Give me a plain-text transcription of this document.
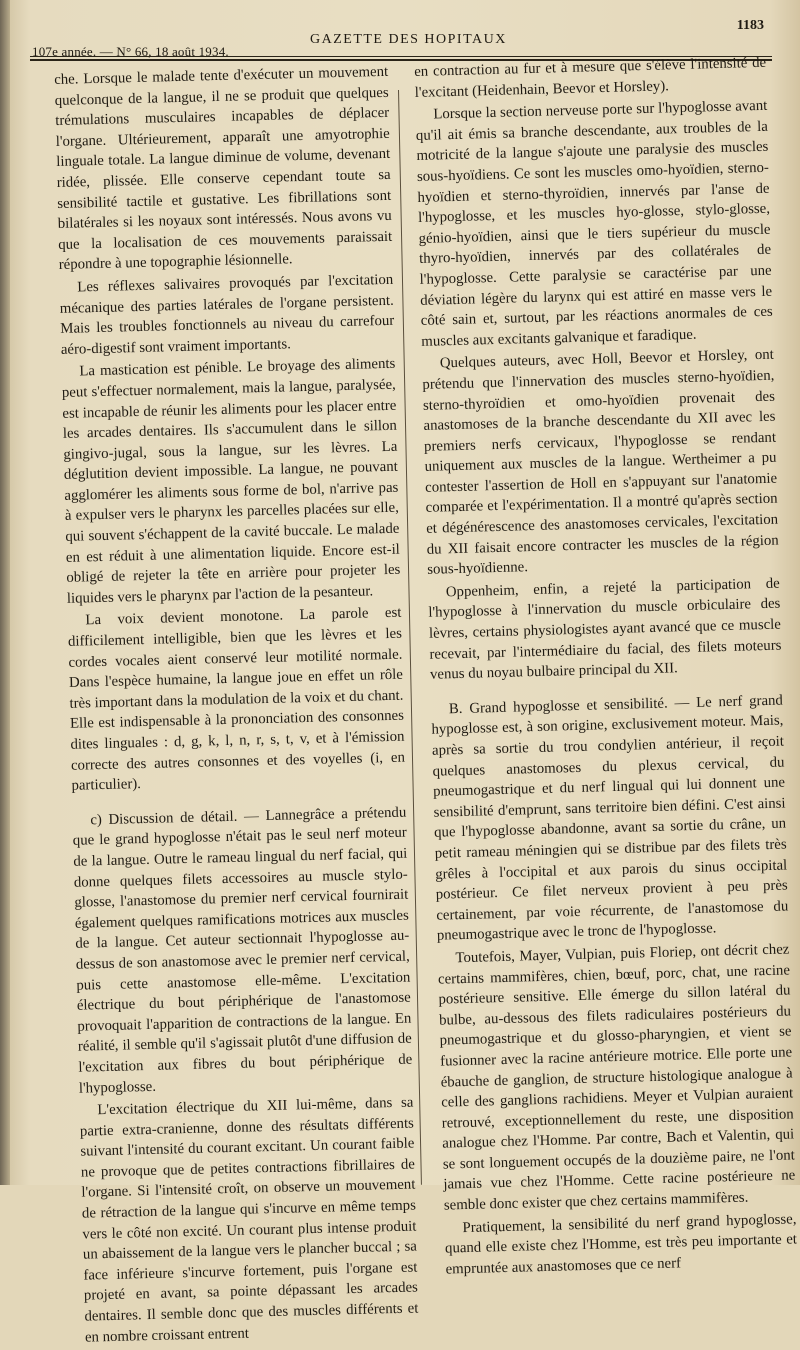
107e année. — N° 66, 18 août 1934.
GAZETTE DES HOPITAUX
1183

che. Lorsque le malade tente d'exécuter un mouvement quelconque de la langue, il ne se produit que quelques trémulations musculaires incapables de déplacer l'organe. Ultérieurement, apparaît une amyotrophie linguale totale. La langue diminue de volume, devenant ridée, plissée. Elle conserve cependant toute sa sensibilité tactile et gustative. Les fibrillations sont bilatérales si les noyaux sont intéressés. Nous avons vu que la localisation de ces mouvements paraissait répondre à une topographie lésionnelle.

Les réflexes salivaires provoqués par l'excitation mécanique des parties latérales de l'organe persistent. Mais les troubles fonctionnels au niveau du carrefour aéro-digestif sont vraiment importants.

La mastication est pénible. Le broyage des aliments peut s'effectuer normalement, mais la langue, paralysée, est incapable de réunir les aliments pour les placer entre les arcades dentaires. Ils s'accumulent dans le sillon gingivo-jugal, sous la langue, sur les lèvres. La déglutition devient impossible. La langue, ne pouvant agglomérer les aliments sous forme de bol, n'arrive pas à expulser vers le pharynx les parcelles placées sur elle, qui souvent s'échappent de la cavité buccale. Le malade en est réduit à une alimentation liquide. Encore est-il obligé de rejeter la tête en arrière pour projeter les liquides vers le pharynx par l'action de la pesanteur.

La voix devient monotone. La parole est difficilement intelligible, bien que les lèvres et les cordes vocales aient conservé leur motilité normale. Dans l'espèce humaine, la langue joue en effet un rôle très important dans la modulation de la voix et du chant. Elle est indispensable à la prononciation des consonnes dites linguales : d, g, k, l, n, r, s, t, v, et à l'émission correcte des autres consonnes et des voyelles (i, en particulier).

c) Discussion de détail. — Lannegrâce a prétendu que le grand hypoglosse n'était pas le seul nerf moteur de la langue. Outre le rameau lingual du nerf facial, qui donne quelques filets accessoires au muscle stylo-glosse, l'anastomose du premier nerf cervical fournirait également quelques ramifications motrices aux muscles de la langue. Cet auteur sectionnait l'hypoglosse au-dessus de son anastomose avec le premier nerf cervical, puis cette anastomose elle-même. L'excitation électrique du bout périphérique de l'anastomose provoquait l'apparition de contractions de la langue. En réalité, il semble qu'il s'agissait plutôt d'une diffusion de l'excitation aux fibres du bout périphérique de l'hypoglosse.

L'excitation électrique du XII lui-même, dans sa partie extra-cranienne, donne des résultats différents suivant l'intensité du courant excitant. Un courant faible ne provoque que de petites contractions fibrillaires de l'organe. Si l'intensité croît, on observe un mouvement de rétraction de la langue qui s'incurve en même temps vers le côté non excité. Un courant plus intense produit un abaissement de la langue vers le plancher buccal ; sa face inférieure s'incurve fortement, puis l'organe est projeté en avant, sa pointe dépassant les arcades dentaires. Il semble donc que des muscles différents et en nombre croissant entrent

en contraction au fur et à mesure que s'élève l'intensité de l'excitant (Heidenhain, Beevor et Horsley).

Lorsque la section nerveuse porte sur l'hypoglosse avant qu'il ait émis sa branche descendante, aux troubles de la motricité de la langue s'ajoute une paralysie des muscles sous-hyoïdiens. Ce sont les muscles omo-hyoïdien, sterno-hyoïdien et sterno-thyroïdien, innervés par l'anse de l'hypoglosse, et les muscles hyo-glosse, stylo-glosse, génio-hyoïdien, ainsi que le tiers supérieur du muscle thyro-hyoïdien, innervés par des collatérales de l'hypoglosse. Cette paralysie se caractérise par une déviation légère du larynx qui est attiré en masse vers le côté sain et, surtout, par les réactions anormales de ces muscles aux excitants galvanique et faradique.

Quelques auteurs, avec Holl, Beevor et Horsley, ont prétendu que l'innervation des muscles sterno-hyoïdien, sterno-thyroïdien et omo-hyoïdien provenait des anastomoses de la branche descendante du XII avec les premiers nerfs cervicaux, l'hypoglosse se rendant uniquement aux muscles de la langue. Wertheimer a pu contester l'assertion de Holl en s'appuyant sur l'anatomie comparée et l'expérimentation. Il a montré qu'après section et dégénérescence des anastomoses cervicales, l'excitation du XII faisait encore contracter les muscles de la région sous-hyoïdienne.

Oppenheim, enfin, a rejeté la participation de l'hypoglosse à l'innervation du muscle orbiculaire des lèvres, certains physiologistes ayant avancé que ce muscle recevait, par l'intermédiaire du facial, des filets moteurs venus du noyau bulbaire principal du XII.

B. Grand hypoglosse et sensibilité. — Le nerf grand hypoglosse est, à son origine, exclusivement moteur. Mais, après sa sortie du trou condylien antérieur, il reçoit quelques anastomoses du plexus cervical, du pneumogastrique et du nerf lingual qui lui donnent une sensibilité d'emprunt, sans territoire bien défini. C'est ainsi que l'hypoglosse abandonne, avant sa sortie du crâne, un petit rameau méningien qui se distribue par des filets très grêles à l'occipital et aux parois du sinus occipital postérieur. Ce filet nerveux provient à peu près certainement, par voie récurrente, de l'anastomose du pneumogastrique avec le tronc de l'hypoglosse.

Toutefois, Mayer, Vulpian, puis Floriep, ont décrit chez certains mammifères, chien, bœuf, porc, chat, une racine postérieure sensitive. Elle émerge du sillon latéral du bulbe, au-dessous des filets radiculaires postérieurs du pneumogastrique et du glosso-pharyngien, et vient se fusionner avec la racine antérieure motrice. Elle porte une ébauche de ganglion, de structure histologique analogue à celle des ganglions rachidiens. Meyer et Vulpian auraient retrouvé, exceptionnellement du reste, une disposition analogue chez l'Homme. Par contre, Bach et Valentin, qui se sont longuement occupés de la douzième paire, ne l'ont jamais vue chez l'Homme. Cette racine postérieure ne semble donc exister que chez certains mammifères.

Pratiquement, la sensibilité du nerf grand hypoglosse, quand elle existe chez l'Homme, est très peu importante et empruntée aux anastomoses que ce nerf
